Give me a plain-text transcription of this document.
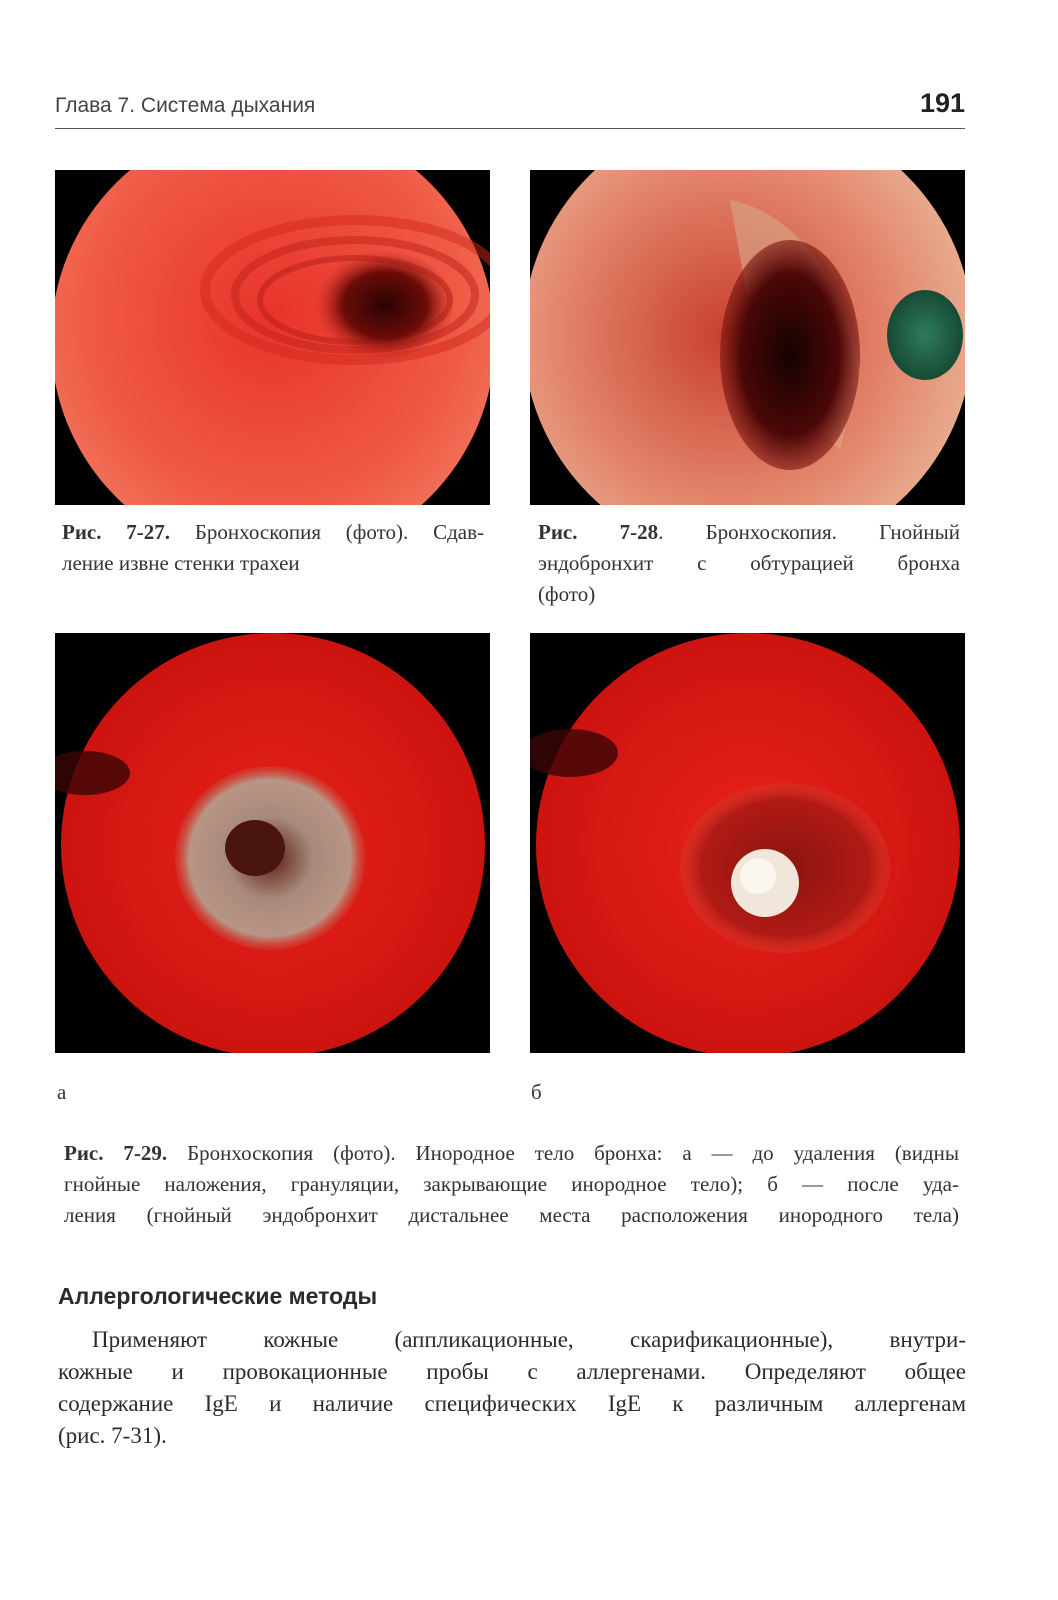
Глава 7. Система дыхания	191
Рис. 7-27. Бронхоскопия (фото). Сдав-
ление извне стенки трахеи
Рис. 7-28. Бронхоскопия. Гнойный
эндобронхит с обтурацией бронха
(фото)
а	б
Рис. 7-29. Бронхоскопия (фото). Инородное тело бронха: а — до удаления (видны
гнойные наложения, грануляции, закрывающие инородное тело); б — после уда-
ления (гнойный эндобронхит дистальнее места расположения инородного тела)
Аллергологические методы
Применяют кожные (аппликационные, скарификационные), внутри-
кожные и провокационные пробы с аллергенами. Определяют общее
содержание IgE и наличие специфических IgE к различным аллергенам
(рис. 7-31).
